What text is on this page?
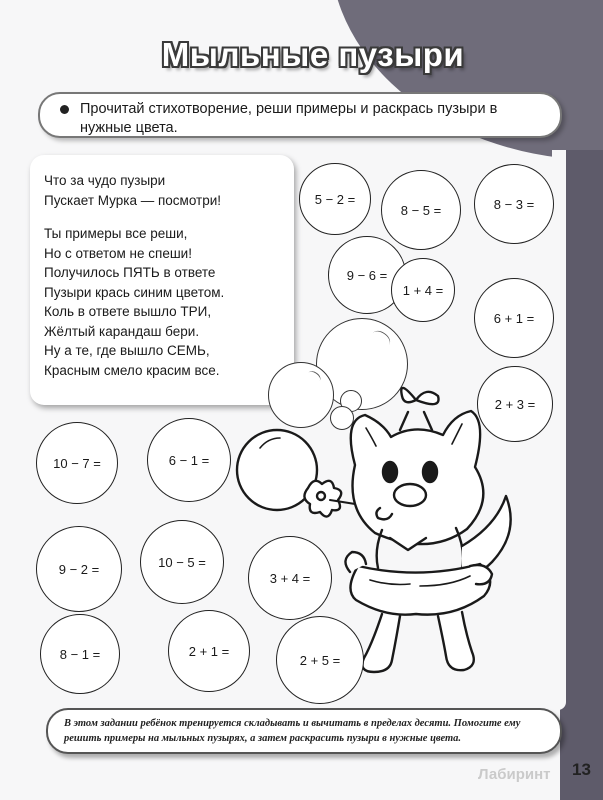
Мыльные пузыри
Прочитай стихотворение, реши примеры и раскрась пузыри в нужные цвета.
Что за чудо пузыри
Пускает Мурка — посмотри!
Ты примеры все реши,
Но с ответом не спеши!
Получилось ПЯТЬ в ответе
Пузыри крась синим цветом.
Коль в ответе вышло ТРИ,
Жёлтый карандаш бери.
Ну а те, где вышло СЕМЬ,
Красным смело красим все.
5 − 2 =
8 − 5 =	8 − 3 =
9 − 6 =
1 + 4 =
6 + 1 =
2 + 3 =
10 − 7 =	6 − 1 =
9 − 2 =	10 − 5 =
3 + 4 =
8 − 1 =	2 + 1 =
2 + 5 =
В этом задании ребёнок тренируется складывать и вычитать в пределах десяти. Помогите ему решить примеры на мыльных пузырях, а затем раскрасить пузыри в нужные цвета.
Лабиринт 13
